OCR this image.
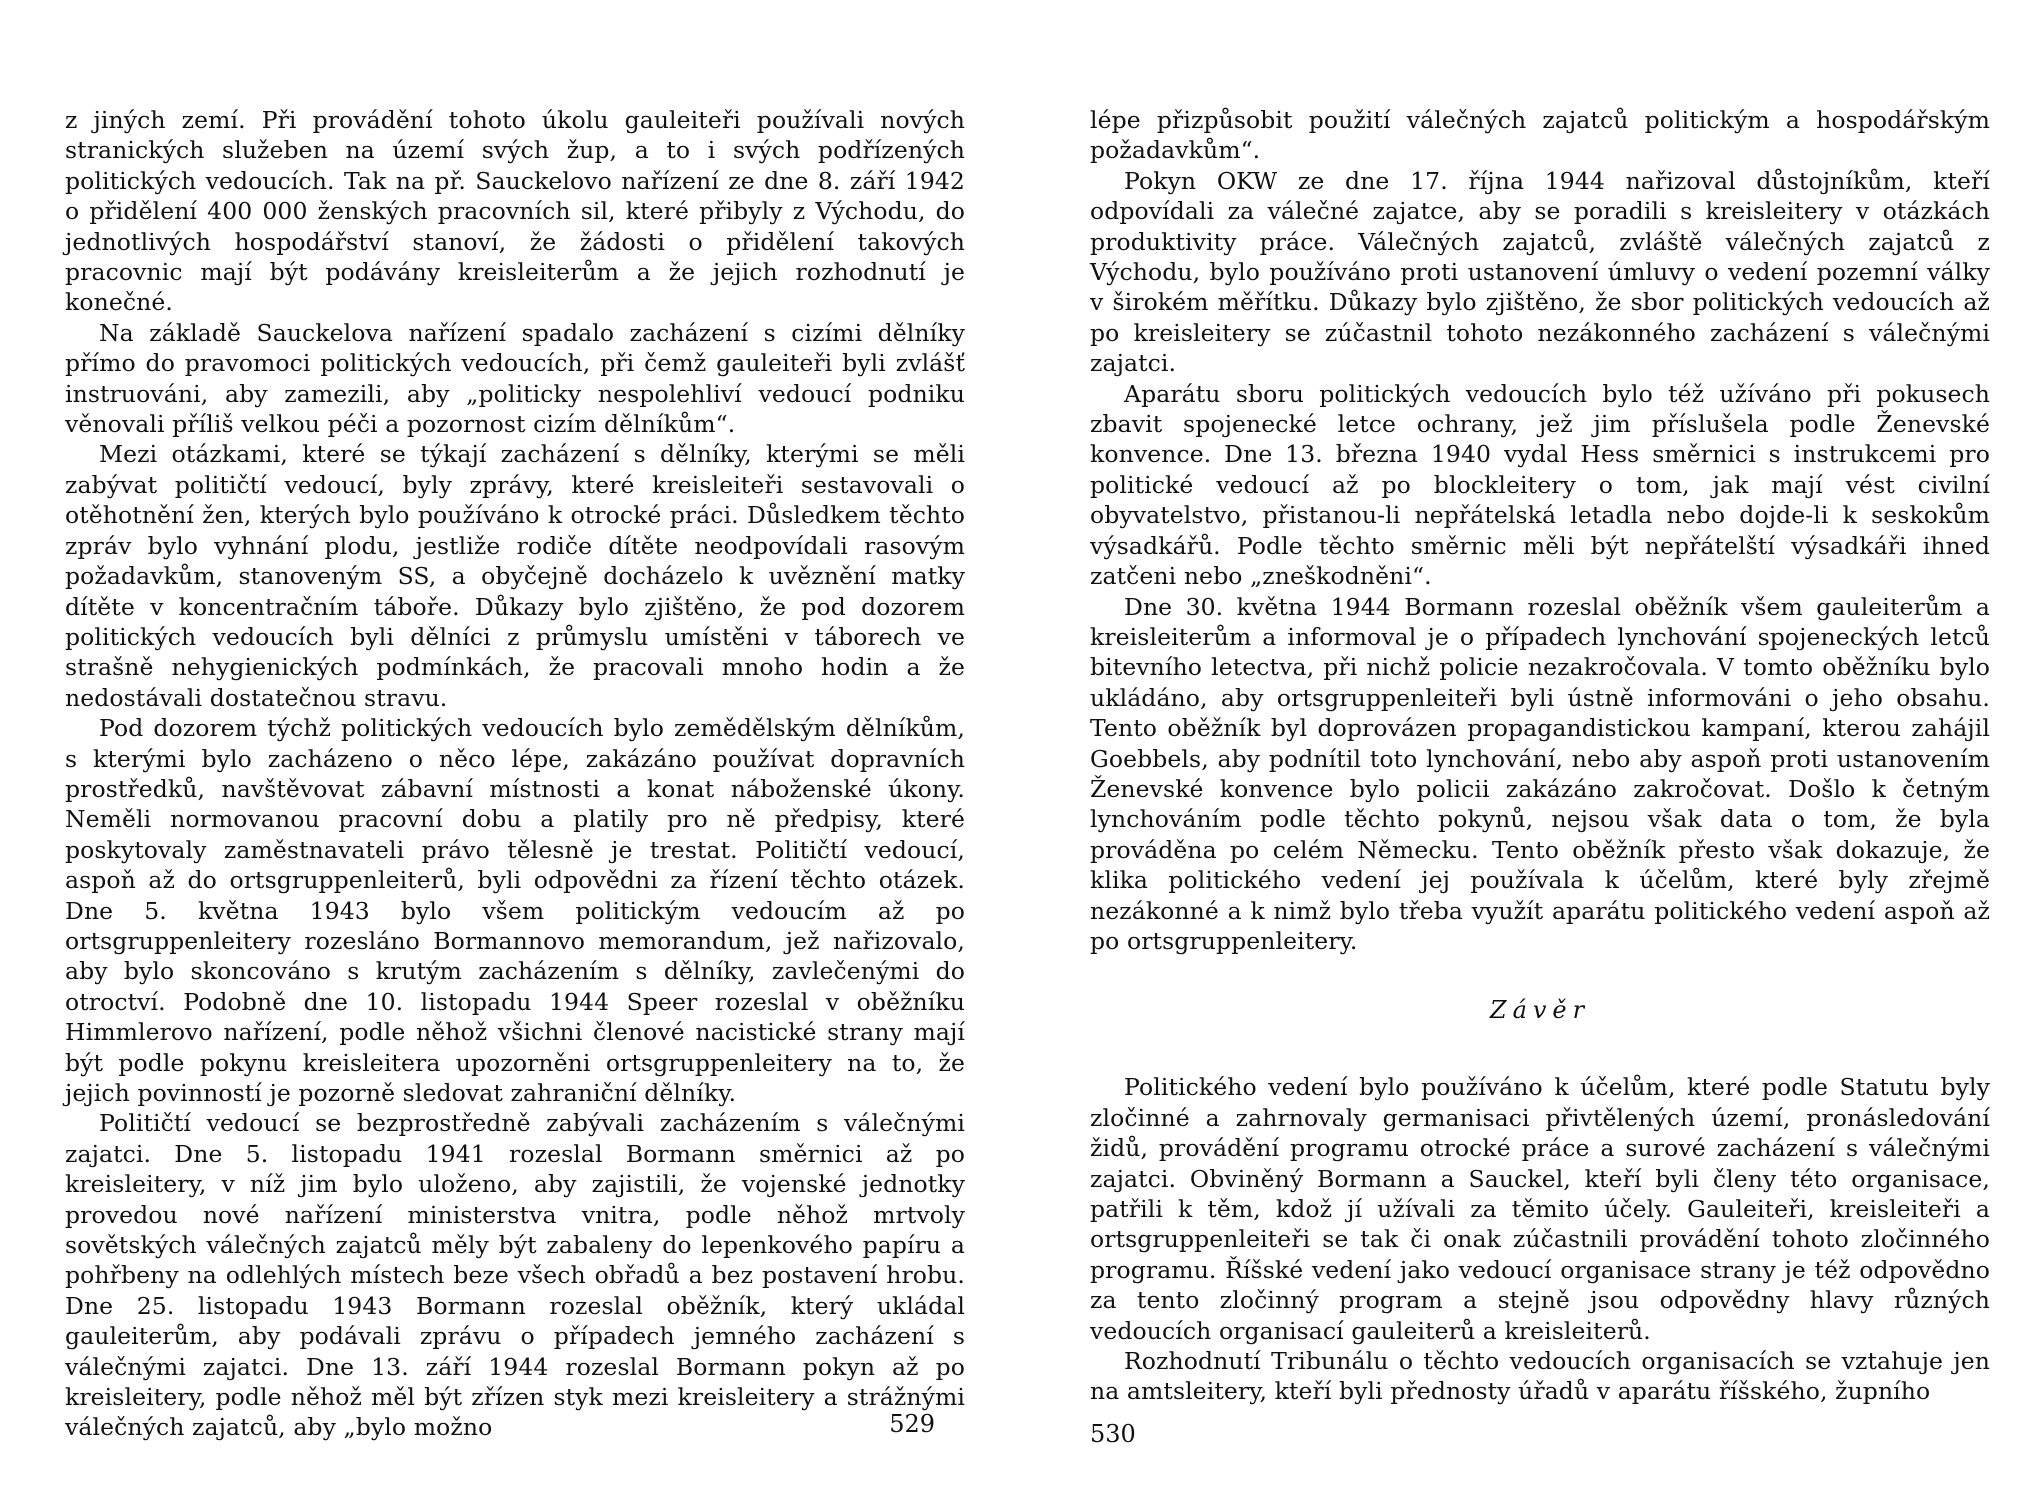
z jiných zemí. Při provádění tohoto úkolu gauleiteři používali nových stranických služeben na území svých žup, a to i svých podřízených politických vedoucích. Tak na př. Sauckelovo nařízení ze dne 8. září 1942 o přidělení 400 000 ženských pracovních sil, které přibyly z Východu, do jednotlivých hospodářství stanoví, že žádosti o přidělení takových pracovnic mají být podávány kreisleiterům a že jejich rozhodnutí je konečné.

Na základě Sauckelova nařízení spadalo zacházení s cizími dělníky přímo do pravomoci politických vedoucích, při čemž gauleiteři byli zvlášť instruováni, aby zamezili, aby „politicky nespolehliví vedoucí podniku věnovali příliš velkou péči a pozornost cizím dělníkům“.

Mezi otázkami, které se týkají zacházení s dělníky, kterými se měli zabývat političtí vedoucí, byly zprávy, které kreisleiteři sestavovali o otěhotnění žen, kterých bylo používáno k otrocké práci. Důsledkem těchto zpráv bylo vyhnání plodu, jestliže rodiče dítěte neodpovídali rasovým požadavkům, stanoveným SS, a obyčejně docházelo k uvěznění matky dítěte v koncentračním táboře. Důkazy bylo zjištěno, že pod dozorem politických vedoucích byli dělníci z průmyslu umístěni v táborech ve strašně nehygienických podmínkách, že pracovali mnoho hodin a že nedostávali dostatečnou stravu.

Pod dozorem týchž politických vedoucích bylo zemědělským dělníkům, s kterými bylo zacházeno o něco lépe, zakázáno používat dopravních prostředků, navštěvovat zábavní místnosti a konat náboženské úkony. Neměli normovanou pracovní dobu a platily pro ně předpisy, které poskytovaly zaměstnavateli právo tělesně je trestat. Političtí vedoucí, aspoň až do ortsgruppenleiterů, byli odpovědni za řízení těchto otázek. Dne 5. května 1943 bylo všem politickým vedoucím až po ortsgruppenleitery rozesláno Bormannovo memorandum, jež nařizovalo, aby bylo skoncováno s krutým zacházením s dělníky, zavlečenými do otroctví. Podobně dne 10. listopadu 1944 Speer rozeslal v oběžníku Himmlerovo nařízení, podle něhož všichni členové nacistické strany mají být podle pokynu kreisleitera upozorněni ortsgruppenleitery na to, že jejich povinností je pozorně sledovat zahraniční dělníky.

Političtí vedoucí se bezprostředně zabývali zacházením s válečnými zajatci. Dne 5. listopadu 1941 rozeslal Bormann směrnici až po kreisleitery, v níž jim bylo uloženo, aby zajistili, že vojenské jednotky provedou nové nařízení ministerstva vnitra, podle něhož mrtvoly sovětských válečných zajatců měly být zabaleny do lepenkového papíru a pohřbeny na odlehlých místech beze všech obřadů a bez postavení hrobu. Dne 25. listopadu 1943 Bormann rozeslal oběžník, který ukládal gauleiterům, aby podávali zprávu o případech jemného zacházení s válečnými zajatci. Dne 13. září 1944 rozeslal Bormann pokyn až po kreisleitery, podle něhož měl být zřízen styk mezi kreisleitery a strážnými válečných zajatců, aby „bylo možno	529

lépe přizpůsobit použití válečných zajatců politickým a hospodářským požadavkům“.

Pokyn OKW ze dne 17. října 1944 nařizoval důstojníkům, kteří odpovídali za válečné zajatce, aby se poradili s kreisleitery v otázkách produktivity práce. Válečných zajatců, zvláště válečných zajatců z Východu, bylo používáno proti ustanovení úmluvy o vedení pozemní války v širokém měřítku. Důkazy bylo zjištěno, že sbor politických vedoucích až po kreisleitery se zúčastnil tohoto nezákonného zacházení s válečnými zajatci.

Aparátu sboru politických vedoucích bylo též užíváno při pokusech zbavit spojenecké letce ochrany, jež jim příslušela podle Ženevské konvence. Dne 13. března 1940 vydal Hess směrnici s instrukcemi pro politické vedoucí až po blockleitery o tom, jak mají vést civilní obyvatelstvo, přistanou-li nepřátelská letadla nebo dojde-li k seskokům výsadkářů. Podle těchto směrnic měli být nepřátelští výsadkáři ihned zatčeni nebo „zneškodněni“.

Dne 30. května 1944 Bormann rozeslal oběžník všem gauleiterům a kreisleiterům a informoval je o případech lynchování spojeneckých letců bitevního letectva, při nichž policie nezakročovala. V tomto oběžníku bylo ukládáno, aby ortsgruppenleiteři byli ústně informováni o jeho obsahu. Tento oběžník byl doprovázen propagandistickou kampaní, kterou zahájil Goebbels, aby podnítil toto lynchování, nebo aby aspoň proti ustanovením Ženevské konvence bylo policii zakázáno zakročovat. Došlo k četným lynchováním podle těchto pokynů, nejsou však data o tom, že byla prováděna po celém Německu. Tento oběžník přesto však dokazuje, že klika politického vedení jej používala k účelům, které byly zřejmě nezákonné a k nimž bylo třeba využít aparátu politického vedení aspoň až po ortsgruppenleitery.

Závěr

Politického vedení bylo používáno k účelům, které podle Statutu byly zločinné a zahrnovaly germanisaci přivtělených území, pronásledování židů, provádění programu otrocké práce a surové zacházení s válečnými zajatci. Obviněný Bormann a Sauckel, kteří byli členy této organisace, patřili k těm, kdož jí užívali za těmito účely. Gauleiteři, kreisleiteři a ortsgruppenleiteři se tak či onak zúčastnili provádění tohoto zločinného programu. Říšské vedení jako vedoucí organisace strany je též odpovědno za tento zločinný program a stejně jsou odpovědny hlavy různých vedoucích organisací gauleiterů a kreisleiterů.

Rozhodnutí Tribunálu o těchto vedoucích organisacích se vztahuje jen na amtsleitery, kteří byli přednosty úřadů v aparátu říšského, župního

530
